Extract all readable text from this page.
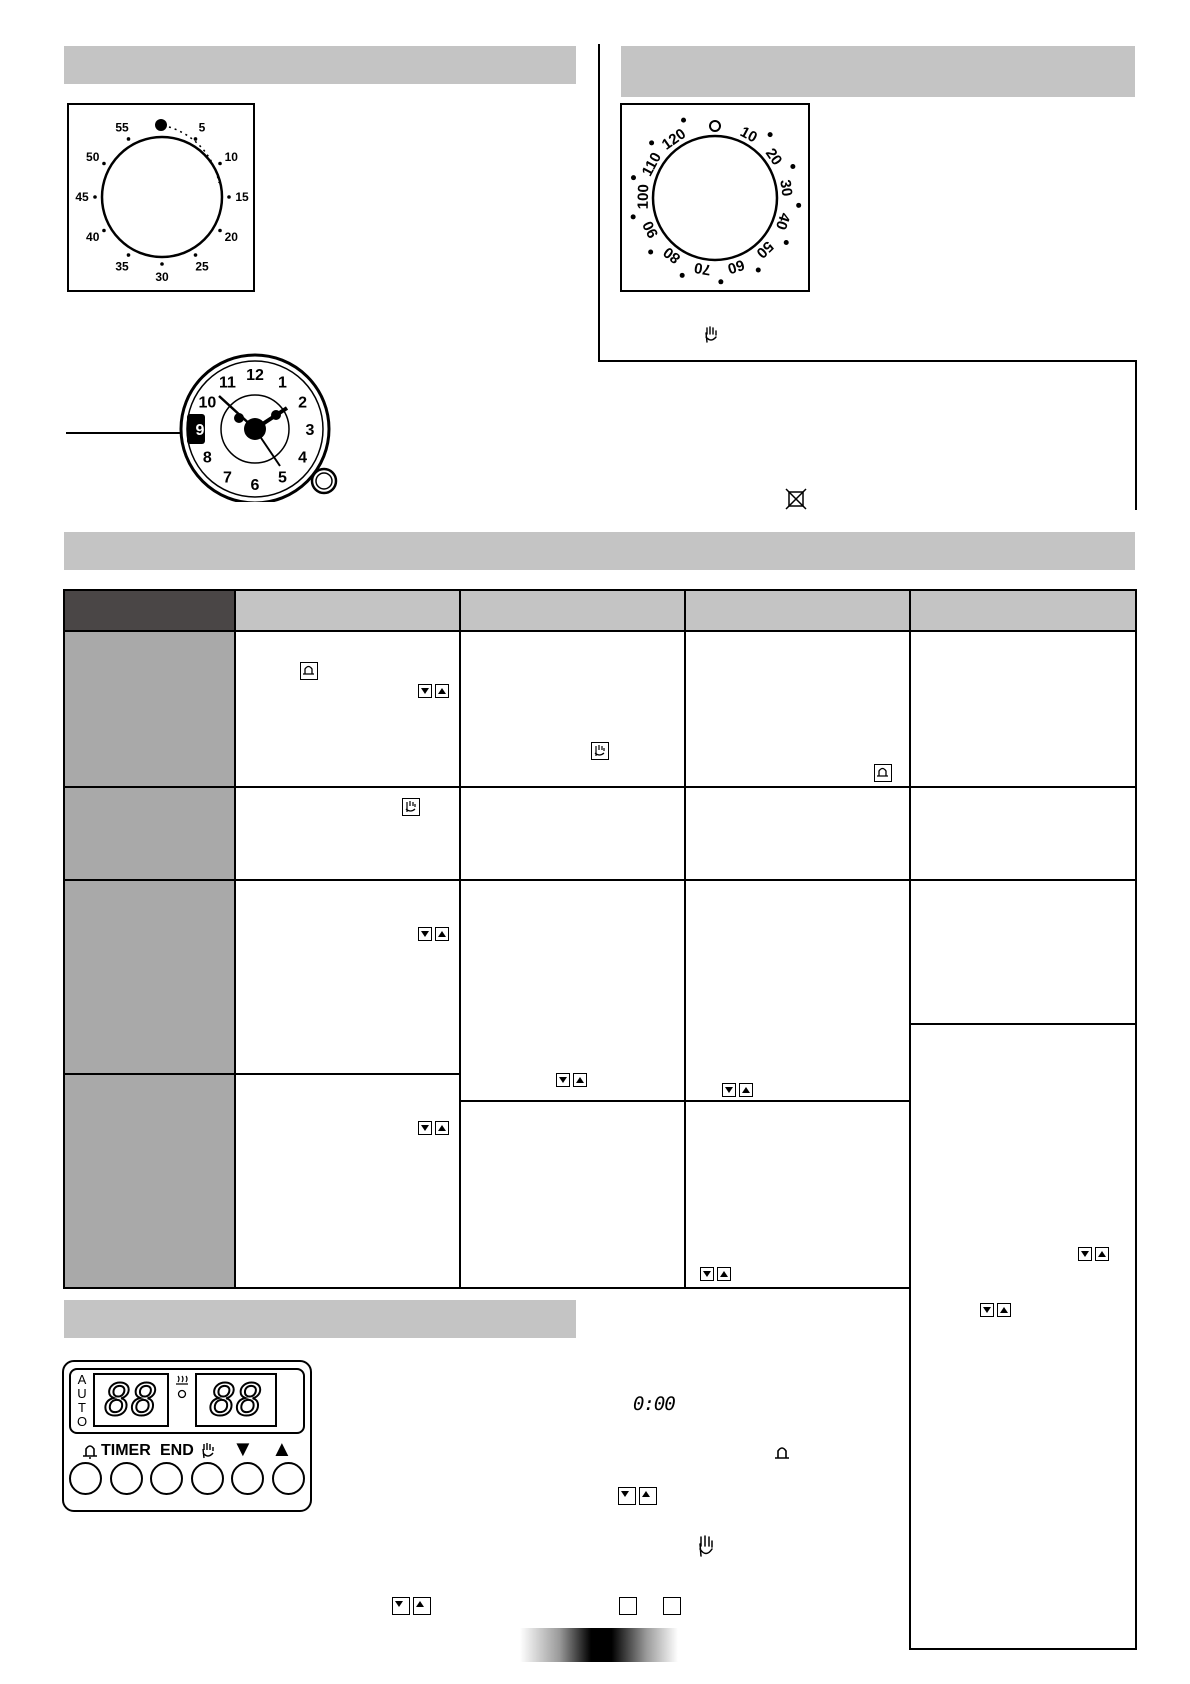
55	5
10
15
20
25
30
35
40
45
50
10
20
30
40
50
60
70
80
90
100
110
120
12 1
2
3
4
5
6
7
8
9
10
11
A
U
T
O 88	88
TIMER END ▼ ▲
0:00
